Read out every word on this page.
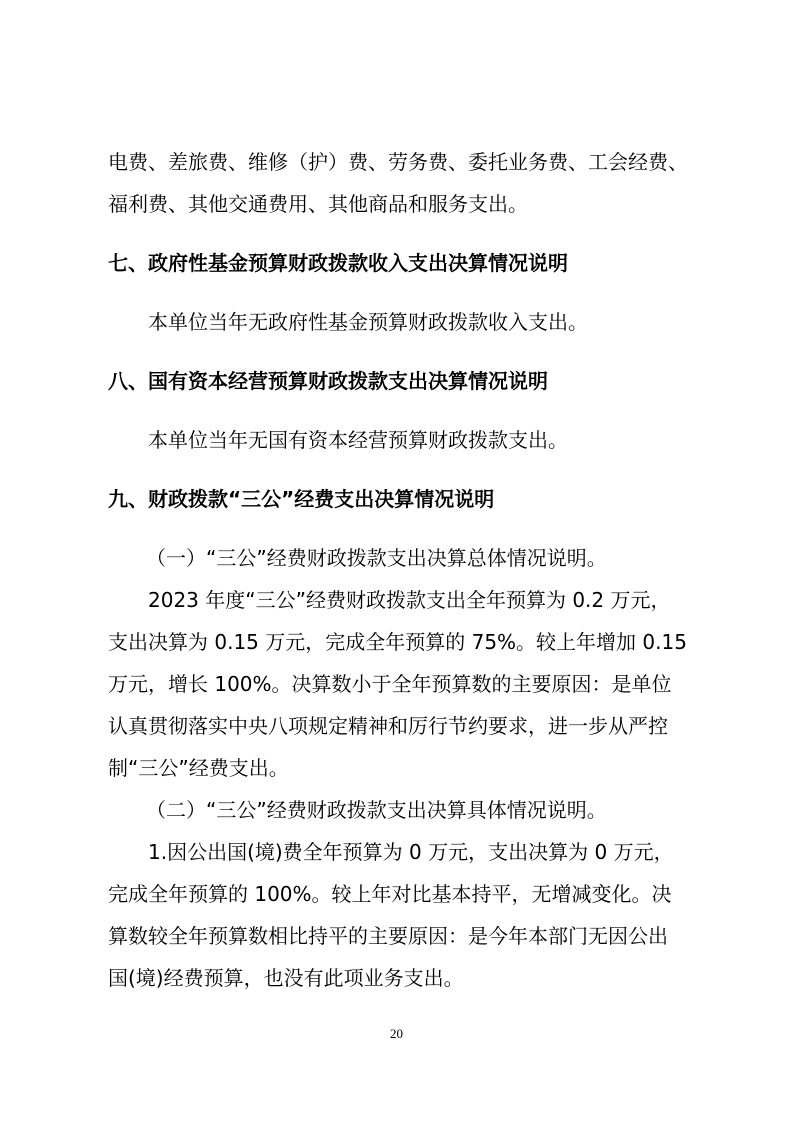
电费、差旅费、维修（护）费、劳务费、委托业务费、工会经费、
福利费、其他交通费用、其他商品和服务支出。
七、政府性基金预算财政拨款收入支出决算情况说明
本单位当年无政府性基金预算财政拨款收入支出。
八、国有资本经营预算财政拨款支出决算情况说明
本单位当年无国有资本经营预算财政拨款支出。
九、财政拨款“三公”经费支出决算情况说明
（一）“三公”经费财政拨款支出决算总体情况说明。
2023 年度“三公”经费财政拨款支出全年预算为 0.2 万元，
支出决算为 0.15 万元，完成全年预算的 75%。较上年增加 0.15
万元，增长 100%。决算数小于全年预算数的主要原因：是单位
认真贯彻落实中央八项规定精神和厉行节约要求，进一步从严控
制“三公”经费支出。
（二）“三公”经费财政拨款支出决算具体情况说明。
1.因公出国(境)费全年预算为 0 万元，支出决算为 0 万元，
完成全年预算的 100%。较上年对比基本持平，无增减变化。决
算数较全年预算数相比持平的主要原因：是今年本部门无因公出
国(境)经费预算，也没有此项业务支出。
20
